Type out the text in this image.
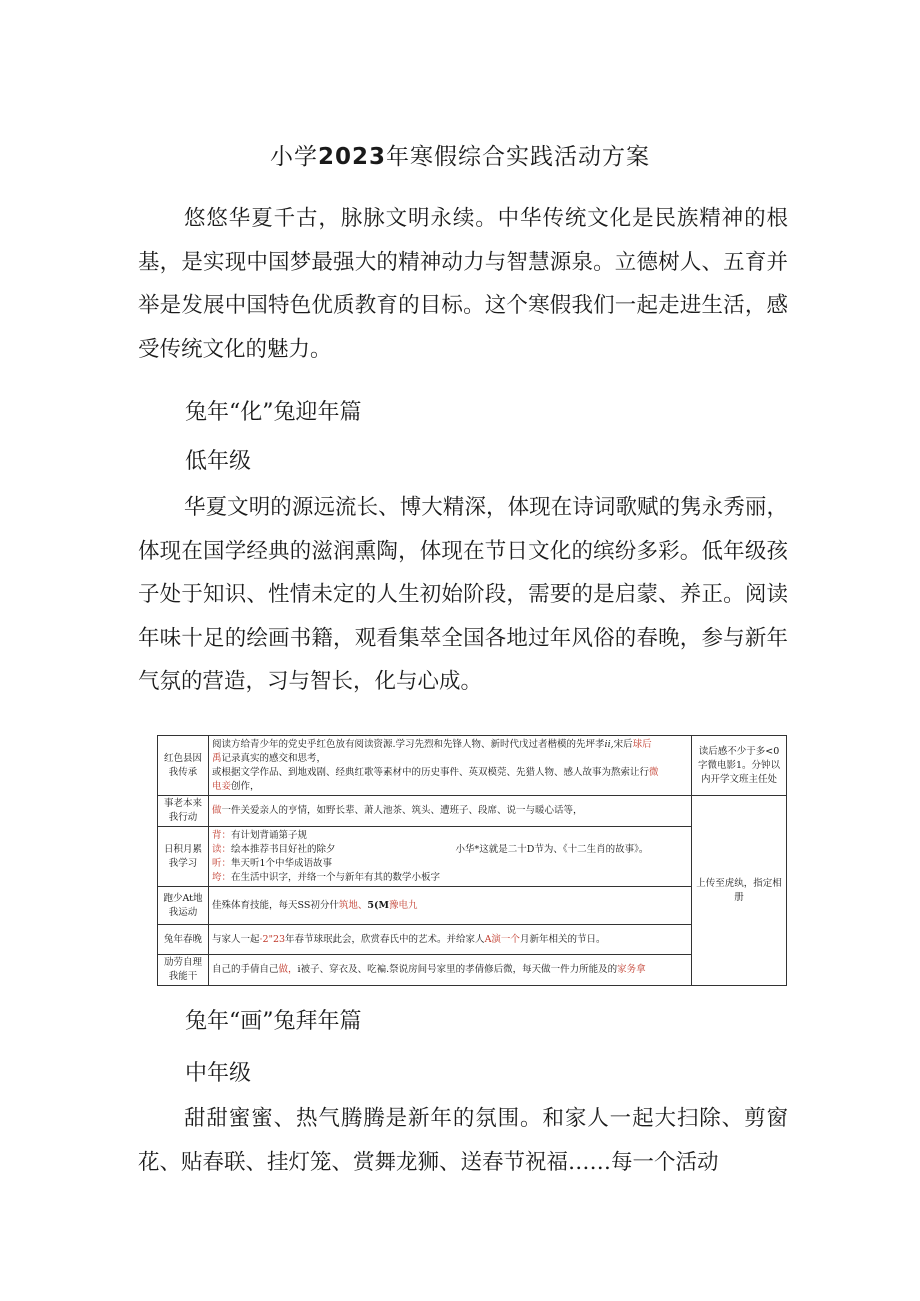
小学2023年寒假综合实践活动方案

悠悠华夏千古，脉脉文明永续。中华传统文化是民族精神的根基，是实现中国梦最强大的精神动力与智慧源泉。立德树人、五育并举是发展中国特色优质教育的目标。这个寒假我们一起走进生活，感受传统文化的魅力。

兔年“化”兔迎年篇

低年级

华夏文明的源远流长、博大精深，体现在诗词歌赋的隽永秀丽，体现在国学经典的滋润熏陶，体现在节日文化的缤纷多彩。低年级孩子处于知识、性情未定的人生初始阶段，需要的是启蒙、养正。阅读年味十足的绘画书籍，观看集萃全国各地过年风俗的春晚，参与新年气氛的营造，习与智长，化与心成。

红色县因我传承	阅读方给青少年的党史乎红色放有阅读资源.学习先烈和先锋人物、新时代戊过者楷模的先坪孝ii,宋后球后
禹记录真实的感交和思考，
或根据文学作品、到地戏剧、经典红歌等素材中的历史事件、英双模莞、先猎人物、感人故事为熬索让行微
电妾创作，	读后感不少于多<0字微电影1。分钟以内开学文班主任处
事老本来我行动	做一件关爱亲人的亨情，如野长辈、萧人池茶、筑头、遭班子、段席、说一与暖心话等，	上传至虎纨，指定相册
日积月累我学习	背：有计划背诵第子规
读：绘本推荐书目好社的除夕 小华*这就是二十D节为、《十二生肖的故事》。
听：隼天听1个中华成语故事
垮：在生活中识字，并络一个与新年有其的数学小板字	

跑少At地我运动	佳殊体育技能，每天SS初分什筑地、5(M豫电九	
兔年春晚	与家人一起·2"23年春节球珉此会，欣赏春氏中的艺术。并给家人A演一个月新年相关的节日。	
劢劳自理我能干	自己的手倩自己做，i被子、穿衣及、吃褊.祭说房间号家里的孝倩修后微，每天做一件力所能及的家务拿	

兔年“画”兔拜年篇

中年级

甜甜蜜蜜、热气腾腾是新年的氛围。和家人一起大扫除、剪窗花、贴春联、挂灯笼、赏舞龙狮、送春节祝福……每一个活动
